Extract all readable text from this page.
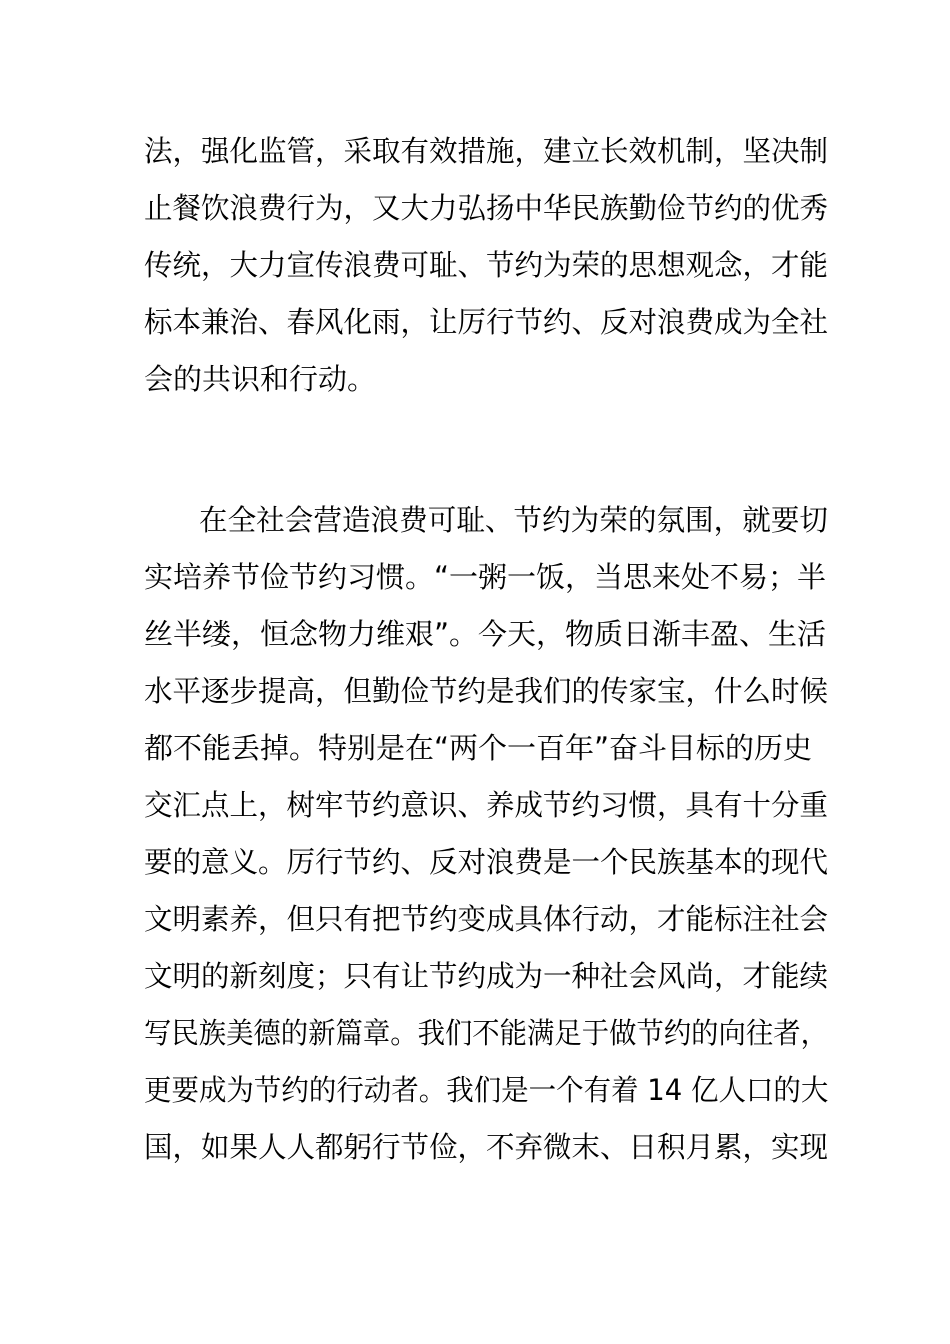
法，强化监管，采取有效措施，建立长效机制，坚决制
止餐饮浪费行为，又大力弘扬中华民族勤俭节约的优秀
传统，大力宣传浪费可耻、节约为荣的思想观念，才能
标本兼治、春风化雨，让厉行节约、反对浪费成为全社
会的共识和行动。
在全社会营造浪费可耻、节约为荣的氛围，就要切
实培养节俭节约习惯。“一粥一饭，当思来处不易；半
丝半缕，恒念物力维艰”。今天，物质日渐丰盈、生活
水平逐步提高，但勤俭节约是我们的传家宝，什么时候
都不能丢掉。特别是在“两个一百年”奋斗目标的历史
交汇点上，树牢节约意识、养成节约习惯，具有十分重
要的意义。厉行节约、反对浪费是一个民族基本的现代
文明素养，但只有把节约变成具体行动，才能标注社会
文明的新刻度；只有让节约成为一种社会风尚，才能续
写民族美德的新篇章。我们不能满足于做节约的向往者，
更要成为节约的行动者。我们是一个有着 14 亿人口的大
国，如果人人都躬行节俭，不弃微末、日积月累，实现
